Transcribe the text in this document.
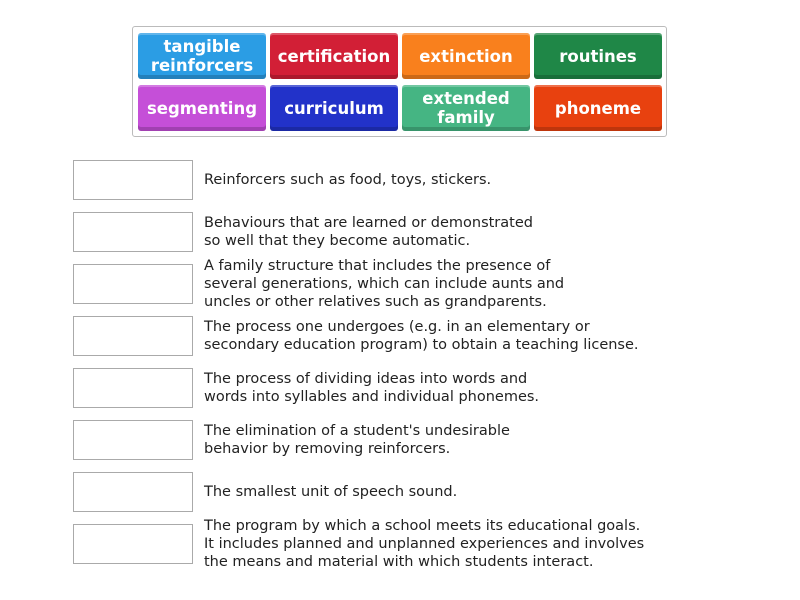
tangible
reinforcers certification extinction	routines
segmenting curriculum extended
family	phoneme
Reinforcers such as food, toys, stickers.
Behaviours that are learned or demonstrated
so well that they become automatic.
A family structure that includes the presence of
several generations, which can include aunts and
uncles or other relatives such as grandparents.
The process one undergoes (e.g. in an elementary or
secondary education program) to obtain a teaching license.
The process of dividing ideas into words and
words into syllables and individual phonemes.
The elimination of a student's undesirable
behavior by removing reinforcers.
The smallest unit of speech sound.
The program by which a school meets its educational goals.
It includes planned and unplanned experiences and involves
the means and material with which students interact.
